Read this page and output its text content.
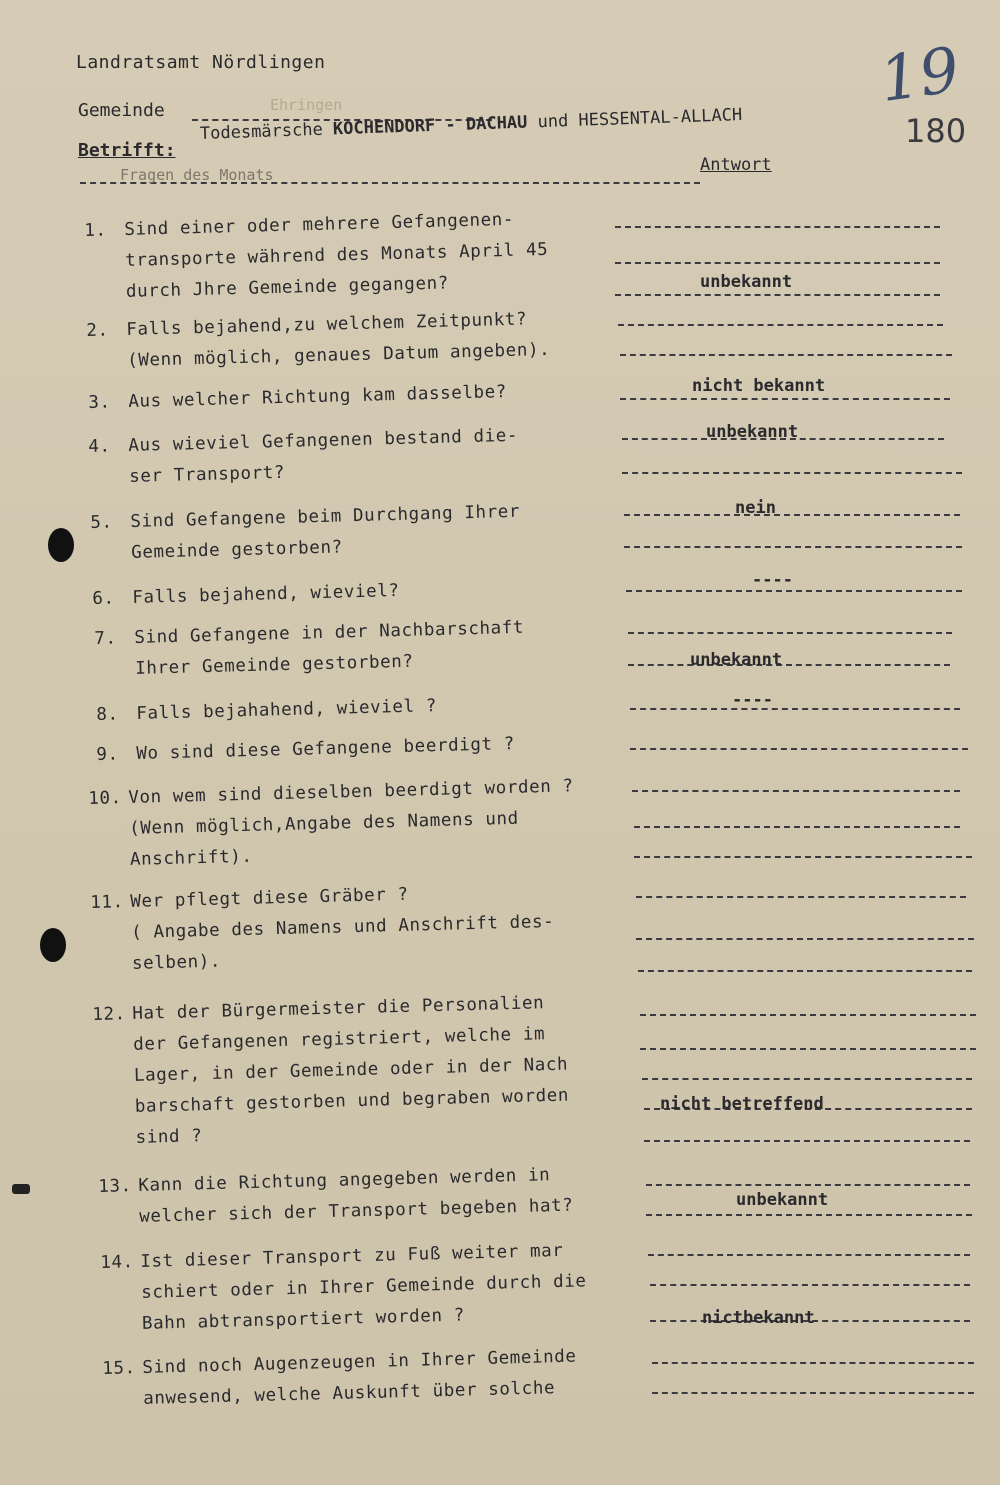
Landratsamt Nördlingen
Gemeinde	Ehringen	19
180
Betrifft:
Todesmärsche KOCHENDORF - DACHAU und HESSENTAL-ALLACH
Antwort
Fragen des Monats
1. Sind einer oder mehrere Gefangenen-
transporte während des Monats April 45
durch Jhre Gemeinde gegangen?
2. Falls bejahend,zu welchem Zeitpunkt?
(Wenn möglich, genaues Datum angeben).
3. Aus welcher Richtung kam dasselbe?
4. Aus wieviel Gefangenen bestand die-
ser Transport?
5. Sind Gefangene beim Durchgang Ihrer
Gemeinde gestorben?
6. Falls bejahend, wieviel?
7. Sind Gefangene in der Nachbarschaft
Ihrer Gemeinde gestorben?
8. Falls bejahahend, wieviel ?
9. Wo sind diese Gefangene beerdigt ?
10. Von wem sind dieselben beerdigt worden ?
(Wenn möglich,Angabe des Namens und
Anschrift).
11. Wer pflegt diese Gräber ?
( Angabe des Namens und Anschrift des-
selben).
12. Hat der Bürgermeister die Personalien
der Gefangenen registriert, welche im
Lager, in der Gemeinde oder in der Nach
barschaft gestorben und begraben worden
sind ?
13. Kann die Richtung angegeben werden in
welcher sich der Transport begeben hat?
14. Ist dieser Transport zu Fuß weiter mar
schiert oder in Ihrer Gemeinde durch die
Bahn abtransportiert worden ?
15. Sind noch Augenzeugen in Ihrer Gemeinde
anwesend, welche Auskunft über solche
unbekannt
nicht bekannt
unbekannt
nein
----
unbekannt
----
nicht betreffend
unbekannt
nictbekannt
